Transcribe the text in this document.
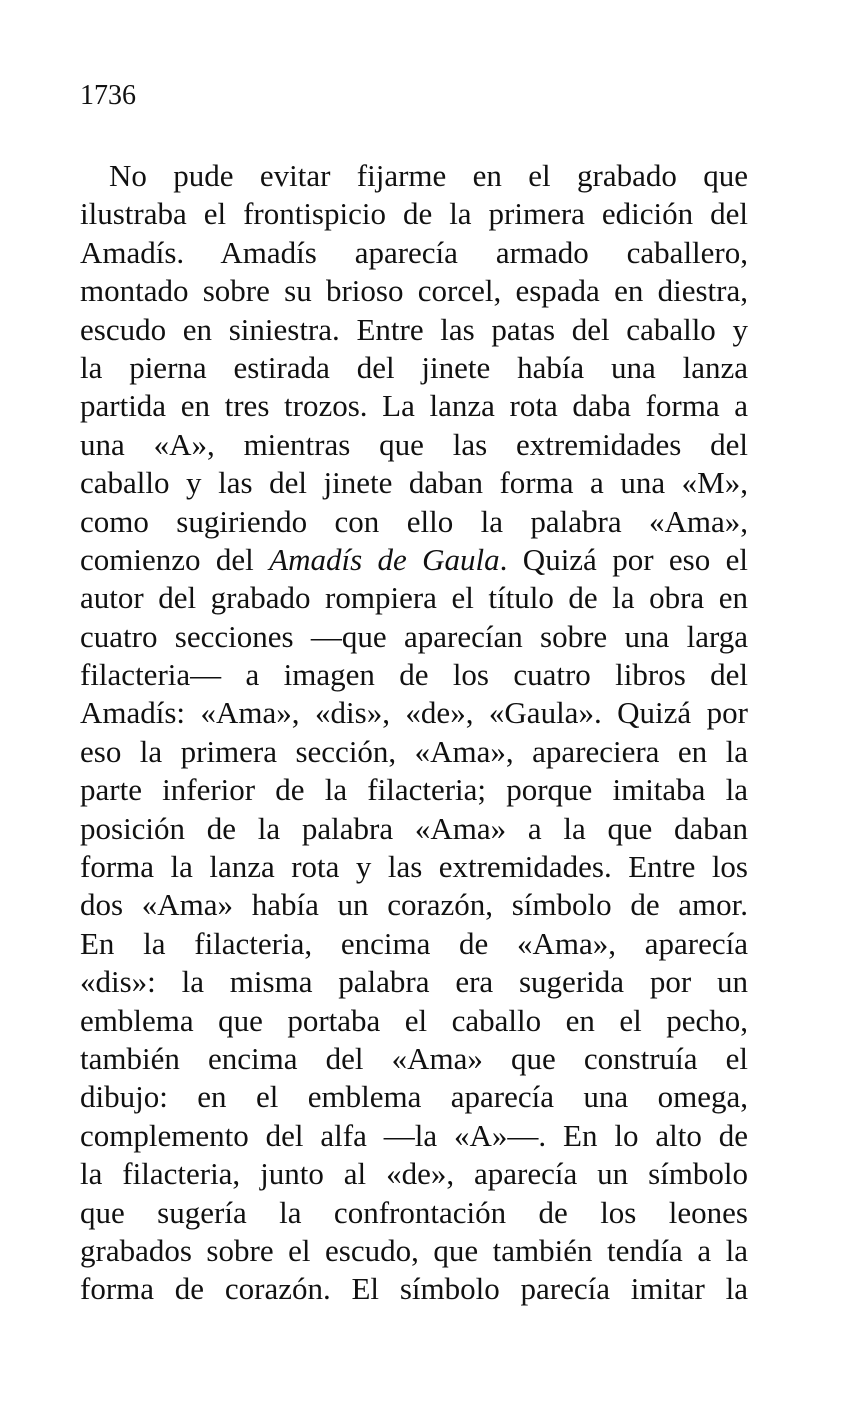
1736
No pude evitar fijarme en el grabado que
ilustraba el frontispicio de la primera edición del
Amadís. Amadís aparecía armado caballero,
montado sobre su brioso corcel, espada en diestra,
escudo en siniestra. Entre las patas del caballo y
la pierna estirada del jinete había una lanza
partida en tres trozos. La lanza rota daba forma a
una «A», mientras que las extremidades del
caballo y las del jinete daban forma a una «M»,
como sugiriendo con ello la palabra «Ama»,
comienzo del Amadís de Gaula. Quizá por eso el
autor del grabado rompiera el título de la obra en
cuatro secciones —que aparecían sobre una larga
filacteria— a imagen de los cuatro libros del
Amadís: «Ama», «dis», «de», «Gaula». Quizá por
eso la primera sección, «Ama», apareciera en la
parte inferior de la filacteria; porque imitaba la
posición de la palabra «Ama» a la que daban
forma la lanza rota y las extremidades. Entre los
dos «Ama» había un corazón, símbolo de amor.
En la filacteria, encima de «Ama», aparecía
«dis»: la misma palabra era sugerida por un
emblema que portaba el caballo en el pecho,
también encima del «Ama» que construía el
dibujo: en el emblema aparecía una omega,
complemento del alfa —la «A»—. En lo alto de
la filacteria, junto al «de», aparecía un símbolo
que sugería la confrontación de los leones
grabados sobre el escudo, que también tendía a la
forma de corazón. El símbolo parecía imitar la
